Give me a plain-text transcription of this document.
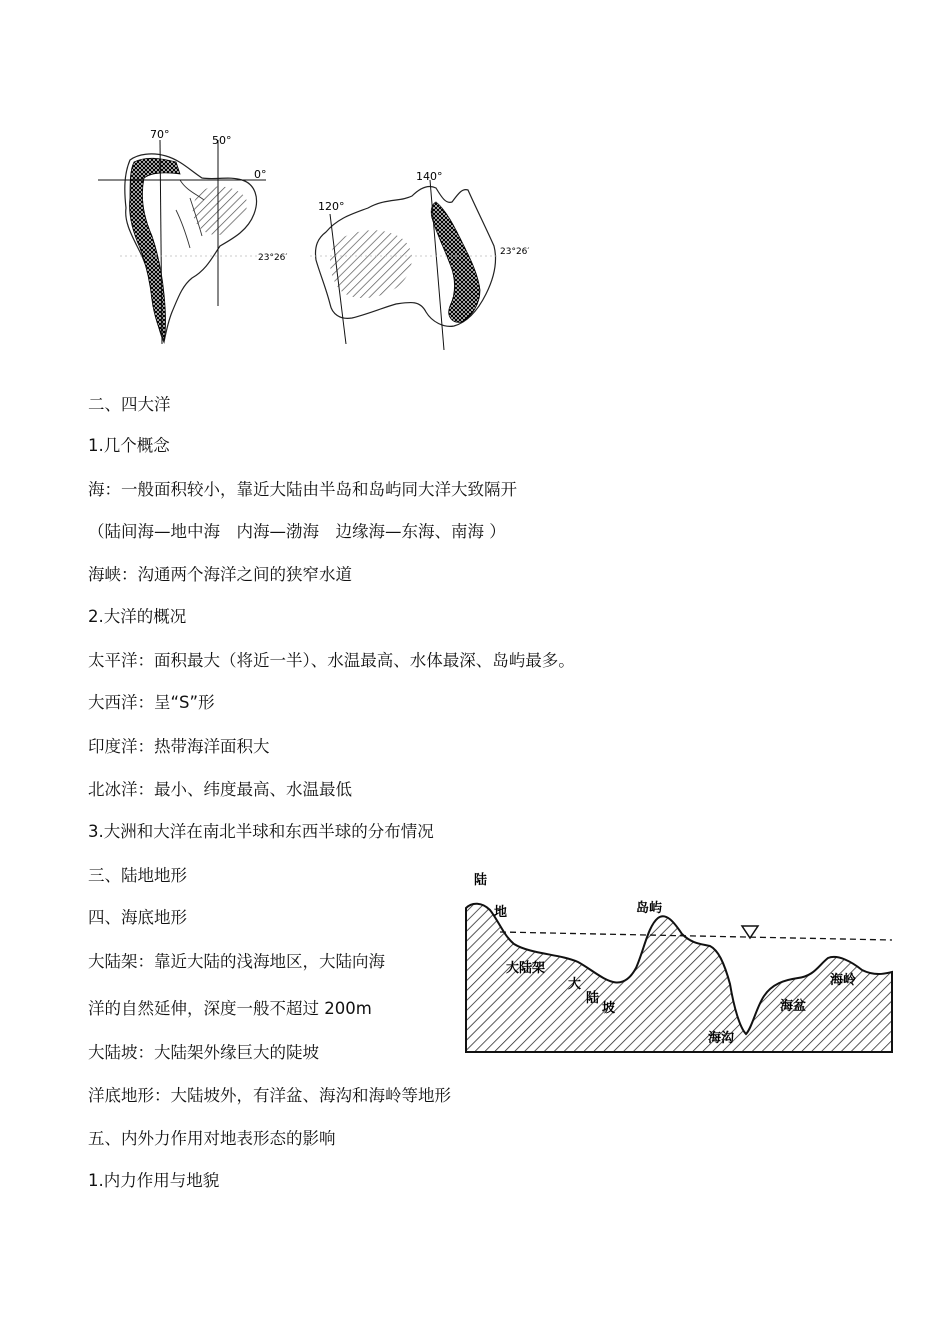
70°	50°
0°
23°26′
120°
140°
23°26′
二、四大洋
1.几个概念
海：一般面积较小，靠近大陆由半岛和岛屿同大洋大致隔开
（陆间海—地中海　内海—渤海　边缘海—东海、南海 ）
海峡：沟通两个海洋之间的狭窄水道
2.大洋的概况
太平洋：面积最大（将近一半）、水温最高、水体最深、岛屿最多。
大西洋：呈“S”形
印度洋：热带海洋面积大
北冰洋：最小、纬度最高、水温最低
3.大洲和大洋在南北半球和东西半球的分布情况
三、陆地地形
四、海底地形
大陆架：靠近大陆的浅海地区，大陆向海
洋的自然延伸，深度一般不超过 200m
大陆坡：大陆架外缘巨大的陡坡
洋底地形：大陆坡外，有洋盆、海沟和海岭等地形
五、内外力作用对地表形态的影响
1.内力作用与地貌
陆
地	岛屿
大陆架
大
陆
坡
海沟
海盆
海岭
